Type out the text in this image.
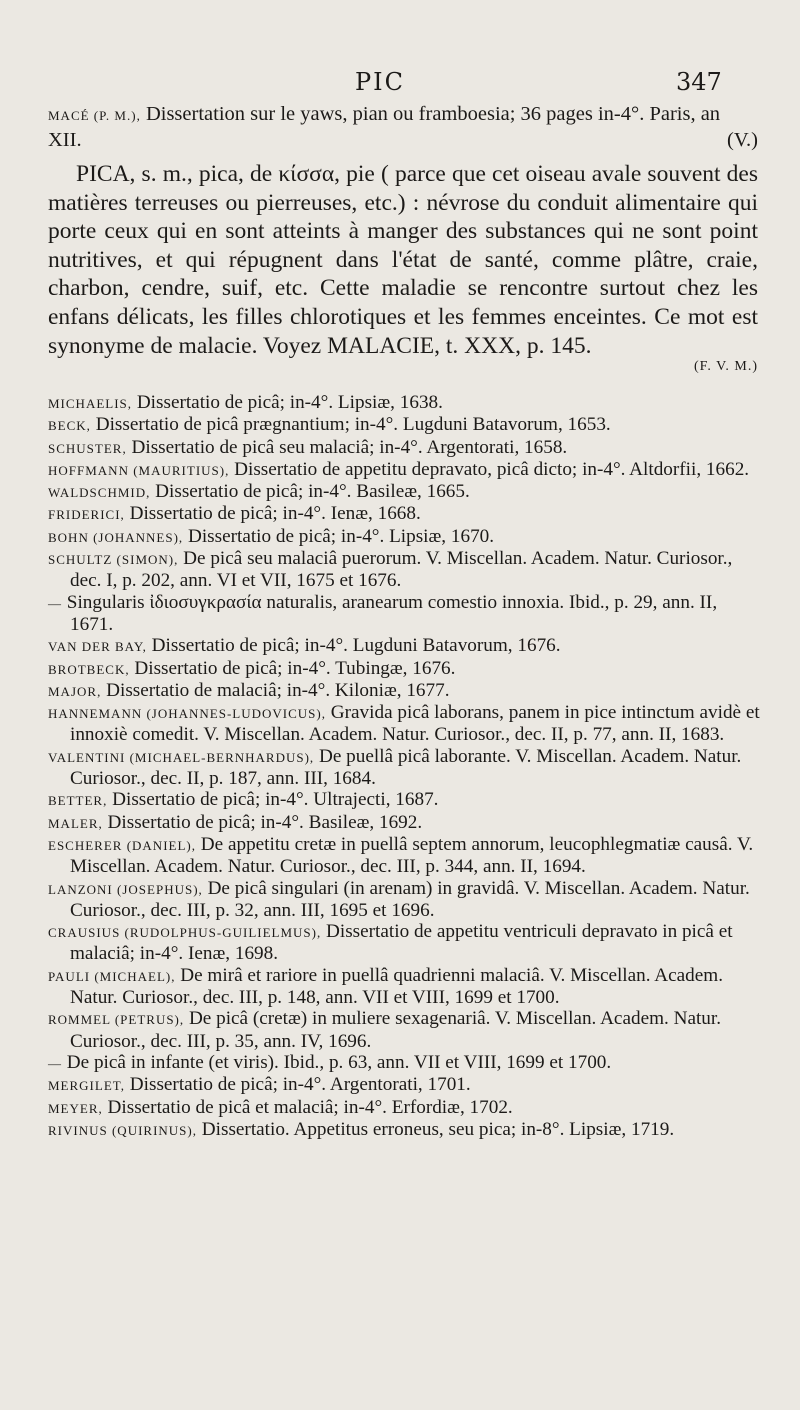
PIC	347
MACÉ (P. M.), Dissertation sur le yaws, pian ou framboesia; 36 pages in-4°. Paris, an XII.	(V.)
PICA, s. m., pica, de κίσσα, pie ( parce que cet oiseau avale souvent des matières terreuses ou pierreuses, etc.) : névrose du conduit alimentaire qui porte ceux qui en sont atteints à manger des substances qui ne sont point nutritives, et qui répugnent dans l'état de santé, comme plâtre, craie, charbon, cendre, suif, etc. Cette maladie se rencontre surtout chez les enfans délicats, les filles chlorotiques et les femmes enceintes. Ce mot est synonyme de malacie. Voyez MALACIE, t. XXX, p. 145.
(F. V. M.)

MICHAELIS, Dissertatio de picâ; in-4°. Lipsiæ, 1638.

BECK, Dissertatio de picâ prægnantium; in-4°. Lugduni Batavorum, 1653.

SCHUSTER, Dissertatio de picâ seu malaciâ; in-4°. Argentorati, 1658.

HOFFMANN (MAURITIUS), Dissertatio de appetitu depravato, picâ dicto; in-4°. Altdorfii, 1662.

WALDSCHMID, Dissertatio de picâ; in-4°. Basileæ, 1665.

FRIDERICI, Dissertatio de picâ; in-4°. Ienæ, 1668.

BOHN (JOHANNES), Dissertatio de picâ; in-4°. Lipsiæ, 1670.

SCHULTZ (SIMON), De picâ seu malaciâ puerorum. V. Miscellan. Academ. Natur. Curiosor., dec. I, p. 202, ann. VI et VII, 1675 et 1676.

— Singularis ἰδιοσυγκρασία naturalis, aranearum comestio innoxia. Ibid., p. 29, ann. II, 1671.

VAN DER BAY, Dissertatio de picâ; in-4°. Lugduni Batavorum, 1676.

BROTBECK, Dissertatio de picâ; in-4°. Tubingæ, 1676.

MAJOR, Dissertatio de malaciâ; in-4°. Kiloniæ, 1677.

HANNEMANN (JOHANNES-LUDOVICUS), Gravida picâ laborans, panem in pice intinctum avidè et innoxiè comedit. V. Miscellan. Academ. Natur. Curiosor., dec. II, p. 77, ann. II, 1683.

VALENTINI (MICHAEL-BERNHARDUS), De puellâ picâ laborante. V. Miscellan. Academ. Natur. Curiosor., dec. II, p. 187, ann. III, 1684.

BETTER, Dissertatio de picâ; in-4°. Ultrajecti, 1687.

MALER, Dissertatio de picâ; in-4°. Basileæ, 1692.

ESCHERER (DANIEL), De appetitu cretæ in puellâ septem annorum, leucophlegmatiæ causâ. V. Miscellan. Academ. Natur. Curiosor., dec. III, p. 344, ann. II, 1694.

LANZONI (JOSEPHUS), De picâ singulari (in arenam) in gravidâ. V. Miscellan. Academ. Natur. Curiosor., dec. III, p. 32, ann. III, 1695 et 1696.

CRAUSIUS (RUDOLPHUS-GUILIELMUS), Dissertatio de appetitu ventriculi depravato in picâ et malaciâ; in-4°. Ienæ, 1698.

PAULI (MICHAEL), De mirâ et rariore in puellâ quadrienni malaciâ. V. Miscellan. Academ. Natur. Curiosor., dec. III, p. 148, ann. VII et VIII, 1699 et 1700.

ROMMEL (PETRUS), De picâ (cretæ) in muliere sexagenariâ. V. Miscellan. Academ. Natur. Curiosor., dec. III, p. 35, ann. IV, 1696.

— De picâ in infante (et viris). Ibid., p. 63, ann. VII et VIII, 1699 et 1700.

MERGILET, Dissertatio de picâ; in-4°. Argentorati, 1701.

MEYER, Dissertatio de picâ et malaciâ; in-4°. Erfordiæ, 1702.

RIVINUS (QUIRINUS), Dissertatio. Appetitus erroneus, seu pica; in-8°. Lipsiæ, 1719.
